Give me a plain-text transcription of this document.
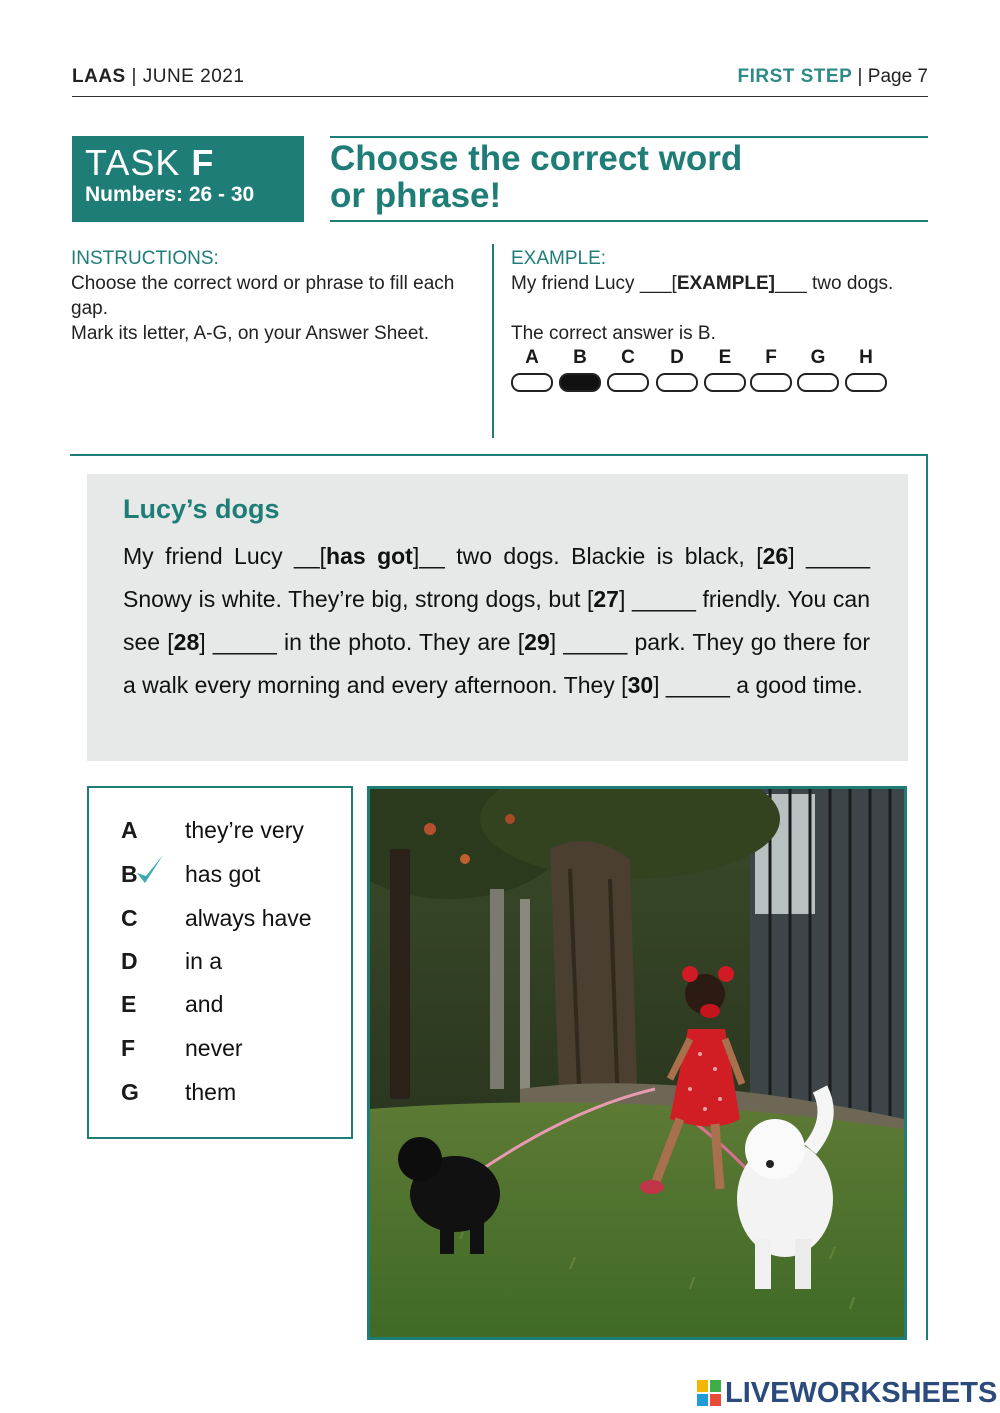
LAAS | JUNE 2021	FIRST STEP | Page 7
TASK F
Numbers: 26 - 30
Choose the correct word
or phrase!
INSTRUCTIONS:
Choose the correct word or phrase to fill each gap.
Mark its letter, A-G, on your Answer Sheet.
EXAMPLE:
My friend Lucy ___[EXAMPLE]___ two dogs.
The correct answer is B.
A	B	C	D	E	F	G	H
Lucy’s dogs
My friend Lucy __[has got]__ two dogs. Blackie is black, [26] _____ Snowy is white. They’re big, strong dogs, but [27] _____ friendly. You can see [28] _____ in the photo. They are [29] _____ park. They go there for a walk every morning and every afternoon. They [30] _____ a good time.
A	they’re very
B	has got
C	always have
D	in a
E	and
F	never
G	them
LIVEWORKSHEETS
